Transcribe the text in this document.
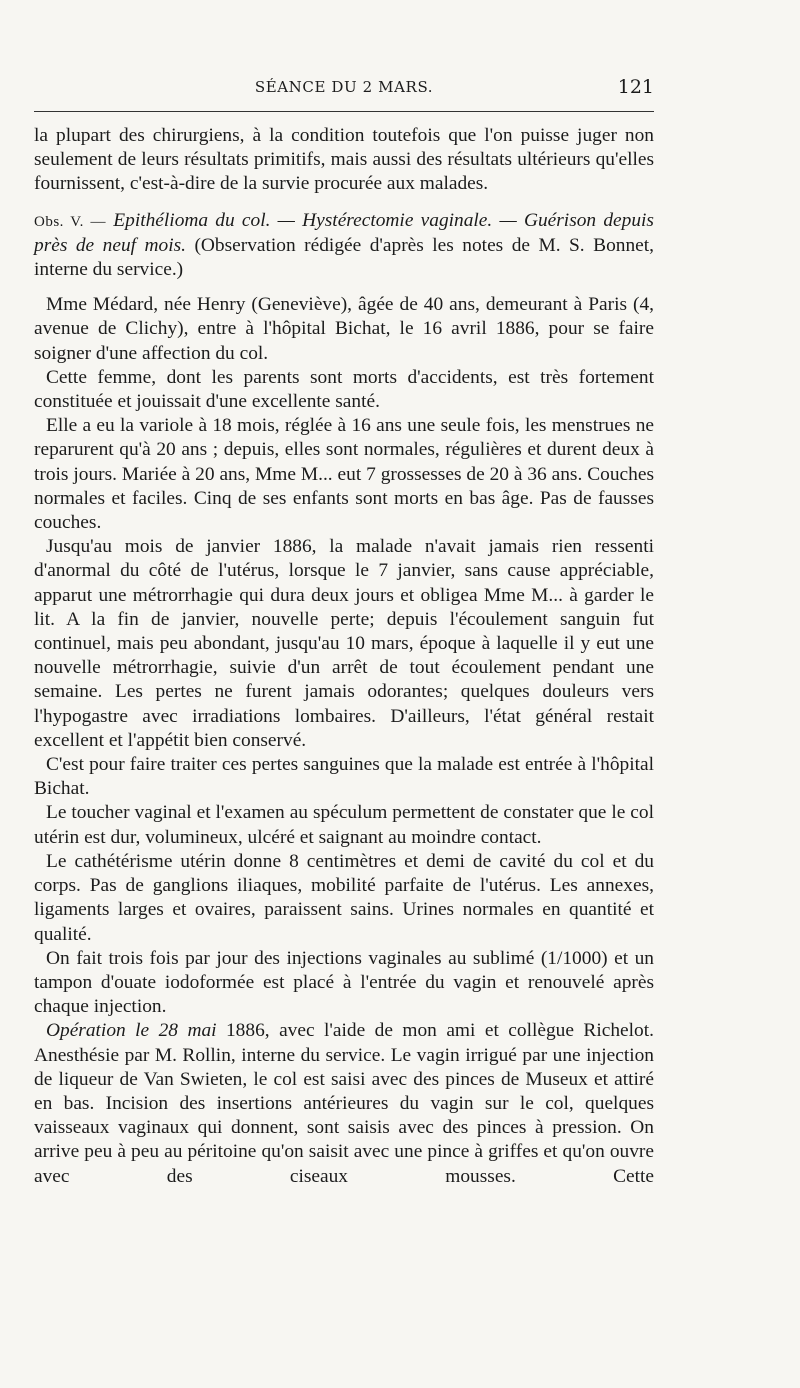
SÉANCE DU 2 MARS.	121

la plupart des chirurgiens, à la condition toutefois que l'on puisse juger non seulement de leurs résultats primitifs, mais aussi des résultats ultérieurs qu'elles fournissent, c'est-à-dire de la survie procurée aux malades.

Obs. V. — Epithélioma du col. — Hystérectomie vaginale. — Guérison depuis près de neuf mois. (Observation rédigée d'après les notes de M. S. Bonnet, interne du service.)

Mme Médard, née Henry (Geneviève), âgée de 40 ans, demeurant à Paris (4, avenue de Clichy), entre à l'hôpital Bichat, le 16 avril 1886, pour se faire soigner d'une affection du col.

Cette femme, dont les parents sont morts d'accidents, est très fortement constituée et jouissait d'une excellente santé.

Elle a eu la variole à 18 mois, réglée à 16 ans une seule fois, les menstrues ne reparurent qu'à 20 ans ; depuis, elles sont normales, régulières et durent deux à trois jours. Mariée à 20 ans, Mme M... eut 7 grossesses de 20 à 36 ans. Couches normales et faciles. Cinq de ses enfants sont morts en bas âge. Pas de fausses couches.

Jusqu'au mois de janvier 1886, la malade n'avait jamais rien ressenti d'anormal du côté de l'utérus, lorsque le 7 janvier, sans cause appréciable, apparut une métrorrhagie qui dura deux jours et obligea Mme M... à garder le lit. A la fin de janvier, nouvelle perte; depuis l'écoulement sanguin fut continuel, mais peu abondant, jusqu'au 10 mars, époque à laquelle il y eut une nouvelle métrorrhagie, suivie d'un arrêt de tout écoulement pendant une semaine. Les pertes ne furent jamais odorantes; quelques douleurs vers l'hypogastre avec irradiations lombaires. D'ailleurs, l'état général restait excellent et l'appétit bien conservé.

C'est pour faire traiter ces pertes sanguines que la malade est entrée à l'hôpital Bichat.

Le toucher vaginal et l'examen au spéculum permettent de constater que le col utérin est dur, volumineux, ulcéré et saignant au moindre contact.

Le cathétérisme utérin donne 8 centimètres et demi de cavité du col et du corps. Pas de ganglions iliaques, mobilité parfaite de l'utérus. Les annexes, ligaments larges et ovaires, paraissent sains. Urines normales en quantité et qualité.

On fait trois fois par jour des injections vaginales au sublimé (1/1000) et un tampon d'ouate iodoformée est placé à l'entrée du vagin et renouvelé après chaque injection.

Opération le 28 mai 1886, avec l'aide de mon ami et collègue Richelot. Anesthésie par M. Rollin, interne du service. Le vagin irrigué par une injection de liqueur de Van Swieten, le col est saisi avec des pinces de Museux et attiré en bas. Incision des insertions antérieures du vagin sur le col, quelques vaisseaux vaginaux qui donnent, sont saisis avec des pinces à pression. On arrive peu à peu au péritoine qu'on saisit avec une pince à griffes et qu'on ouvre avec des ciseaux mousses. Cette
